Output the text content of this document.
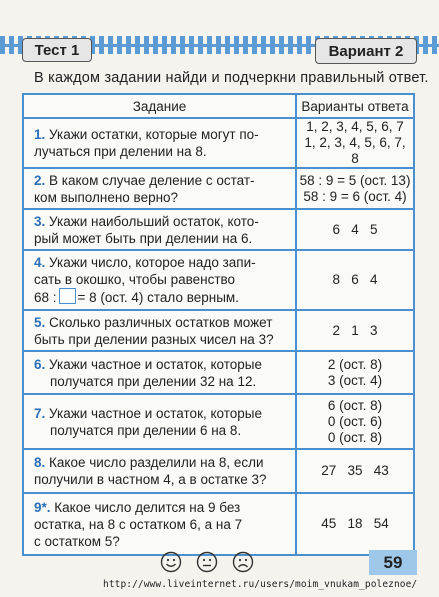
Тест 1	Вариант 2
В каждом задании найди и подчеркни правильный ответ.
Задание	Варианты ответа

1. Укажи остатки, которые могут по-
лучаться при делении на 8.	1, 2, 3, 4, 5, 6, 7
1, 2, 3, 4, 5, 6, 7, 8

2. В каком случае деление с остат-
ком выполнено верно?	58 : 9 = 5 (ост. 13)
58 : 9 = 6 (ост. 4)

3. Укажи наибольший остаток, кото-
рый может быть при делении на 6.	6   4   5

4. Укажи число, которое надо запи-
сать в окошко, чтобы равенство
68 : = 8 (ост. 4) стало верным.	8   6   4

5. Сколько различных остатков может
быть при делении разных чисел на 3?	2   1   3

6. Укажи частное и остаток, которые
получатся при делении 32 на 12.	2 (ост. 8)
3 (ост. 4)

7. Укажи частное и остаток, которые
получатся при делении 6 на 8.	6 (ост. 8)
0 (ост. 6)
0 (ост. 8)

8. Какое число разделили на 8, если
получили в частном 4, а в остатке 3?	27   35   43

9*. Какое число делится на 9 без
остатка, на 8 с остатком 6, а на 7
с остатком 5?	45   18   54
59
http://www.liveinternet.ru/users/moim_vnukam_poleznoe/
